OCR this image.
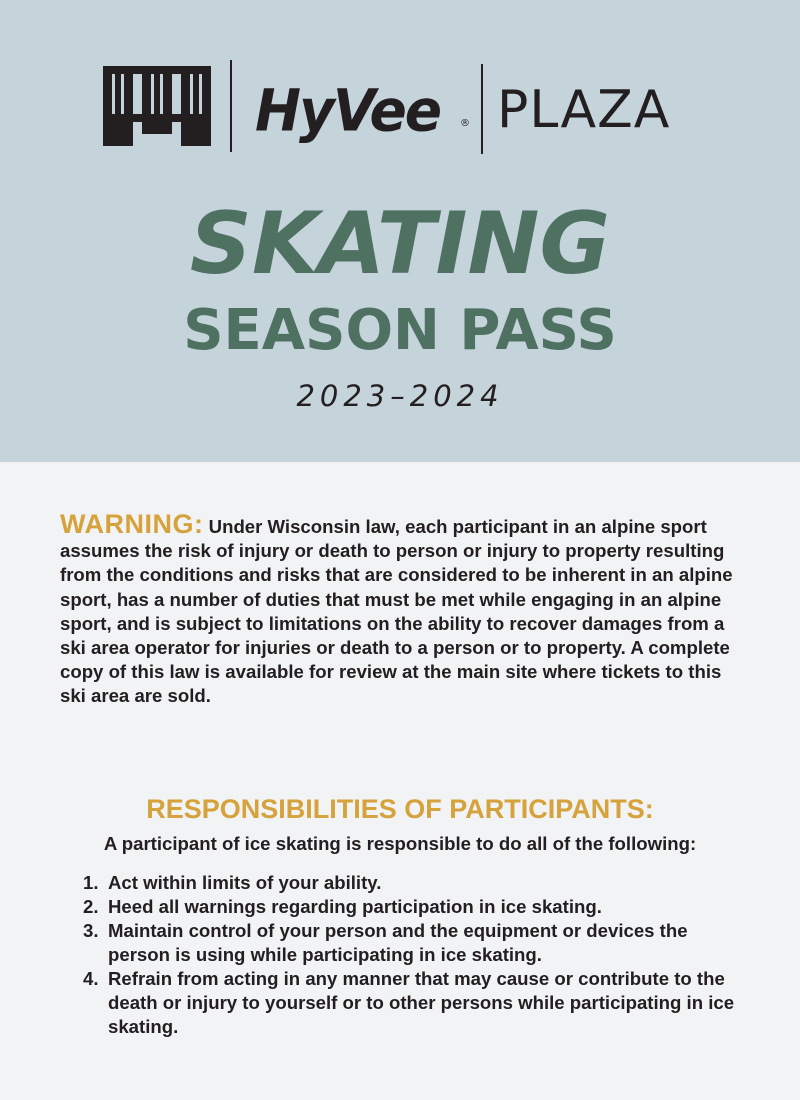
HyVee ® PLAZA
SKATING
SEASON PASS
2023–2024
WARNING: Under Wisconsin law, each participant in an alpine sport assumes the risk of injury or death to person or injury to property resulting from the conditions and risks that are considered to be inherent in an alpine sport, has a number of duties that must be met while engaging in an alpine sport, and is subject to limitations on the ability to recover damages from a ski area operator for injuries or death to a person or to property. A complete copy of this law is available for review at the main site where tickets to this ski area are sold.
RESPONSIBILITIES OF PARTICIPANTS:
A participant of ice skating is responsible to do all of the following:
1. Act within limits of your ability.
2. Heed all warnings regarding participation in ice skating.
3. Maintain control of your person and the equipment or devices the person is using while participating in ice skating.
4. Refrain from acting in any manner that may cause or contribute to the death or injury to yourself or to other persons while participating in ice skating.
